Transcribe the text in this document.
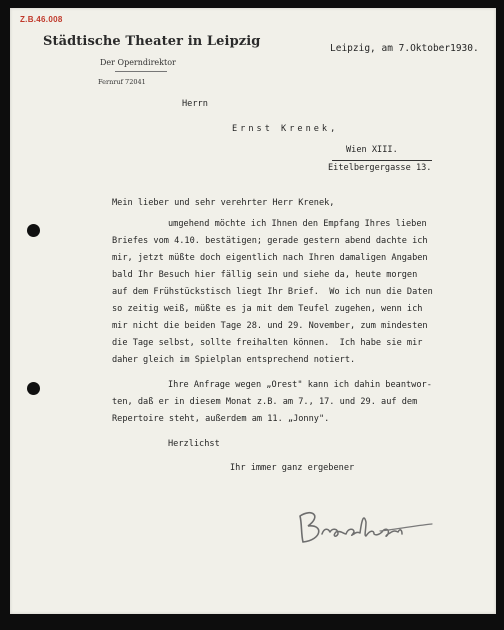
Z.B.46.008
Städtische Theater in Leipzig
Der Operndirektor
Fernruf 72041
Leipzig, am 7.Oktober1930.
Herrn
Ernst Krenek,
Wien XIII.
Eitelbergergasse 13.
Mein lieber und sehr verehrter Herr Krenek,
umgehend möchte ich Ihnen den Empfang Ihres lieben
Briefes vom 4.10. bestätigen; gerade gestern abend dachte ich
mir, jetzt müßte doch eigentlich nach Ihren damaligen Angaben
bald Ihr Besuch hier fällig sein und siehe da, heute morgen
auf dem Frühstückstisch liegt Ihr Brief.  Wo ich nun die Daten
so zeitig weiß, müßte es ja mit dem Teufel zugehen, wenn ich
mir nicht die beiden Tage 28. und 29. November, zum mindesten
die Tage selbst, sollte freihalten können.  Ich habe sie mir
daher gleich im Spielplan entsprechend notiert.
Ihre Anfrage wegen „Orest" kann ich dahin beantwor-
ten, daß er in diesem Monat z.B. am 7., 17. und 29. auf dem
Repertoire steht, außerdem am 11. „Jonny".
Herzlichst
Ihr immer ganz ergebener
